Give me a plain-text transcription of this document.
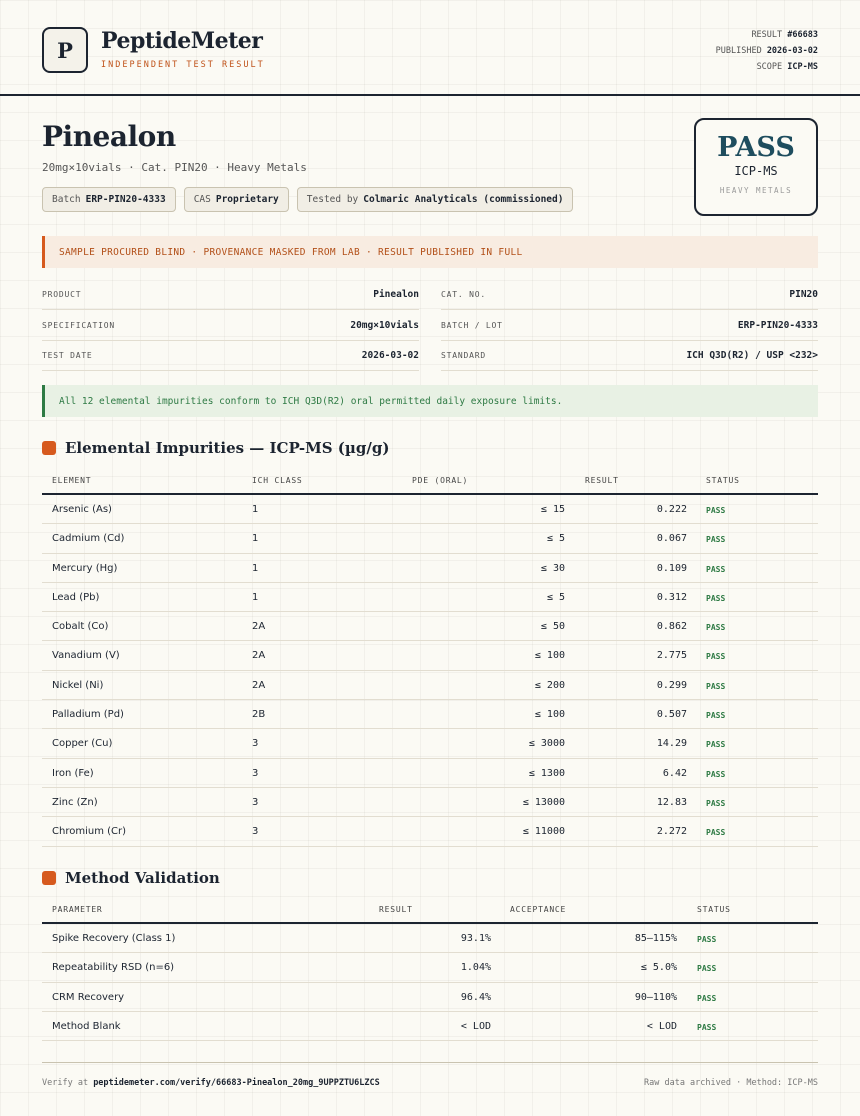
P PeptideMeter
INDEPENDENT TEST RESULT
RESULT #66683
PUBLISHED 2026-03-02
SCOPE ICP-MS
Pinealon
20mg×10vials · Cat. PIN20 · Heavy Metals
Batch ERP-PIN20-4333	CAS Proprietary	Tested by Colmaric Analyticals (commissioned)
PASS
ICP-MS
HEAVY METALS
SAMPLE PROCURED BLIND · PROVENANCE MASKED FROM LAB · RESULT PUBLISHED IN FULL
PRODUCT	Pinealon	CAT. NO.	PIN20
SPECIFICATION	20mg×10vials	BATCH / LOT	ERP-PIN20-4333
TEST DATE	2026-03-02	STANDARD	ICH Q3D(R2) / USP <232>
All 12 elemental impurities conform to ICH Q3D(R2) oral permitted daily exposure limits.
Elemental Impurities — ICP-MS (µg/g)
ELEMENT	ICH CLASS	PDE (ORAL)	RESULT	STATUS
Arsenic (As)	1	≤ 15	0.222 PASS
Cadmium (Cd)	1	≤ 5	0.067 PASS
Mercury (Hg)	1	≤ 30	0.109 PASS
Lead (Pb)	1	≤ 5	0.312 PASS
Cobalt (Co)	2A	≤ 50	0.862 PASS
Vanadium (V)	2A	≤ 100	2.775 PASS
Nickel (Ni)	2A	≤ 200	0.299 PASS
Palladium (Pd)	2B	≤ 100	0.507 PASS
Copper (Cu)	3	≤ 3000	14.29 PASS
Iron (Fe)	3	≤ 1300	6.42 PASS
Zinc (Zn)	3	≤ 13000	12.83 PASS
Chromium (Cr)	3	≤ 11000	2.272 PASS
Method Validation
PARAMETER	RESULT	ACCEPTANCE	STATUS
Spike Recovery (Class 1)	93.1%	85–115%	PASS
Repeatability RSD (n=6)	1.04%	≤ 5.0%	PASS
CRM Recovery	96.4%	90–110%	PASS
Method Blank	< LOD	< LOD	PASS
Verify at peptidemeter.com/verify/66683-Pinealon_20mg_9UPPZTU6LZCS	Raw data archived · Method: ICP-MS
